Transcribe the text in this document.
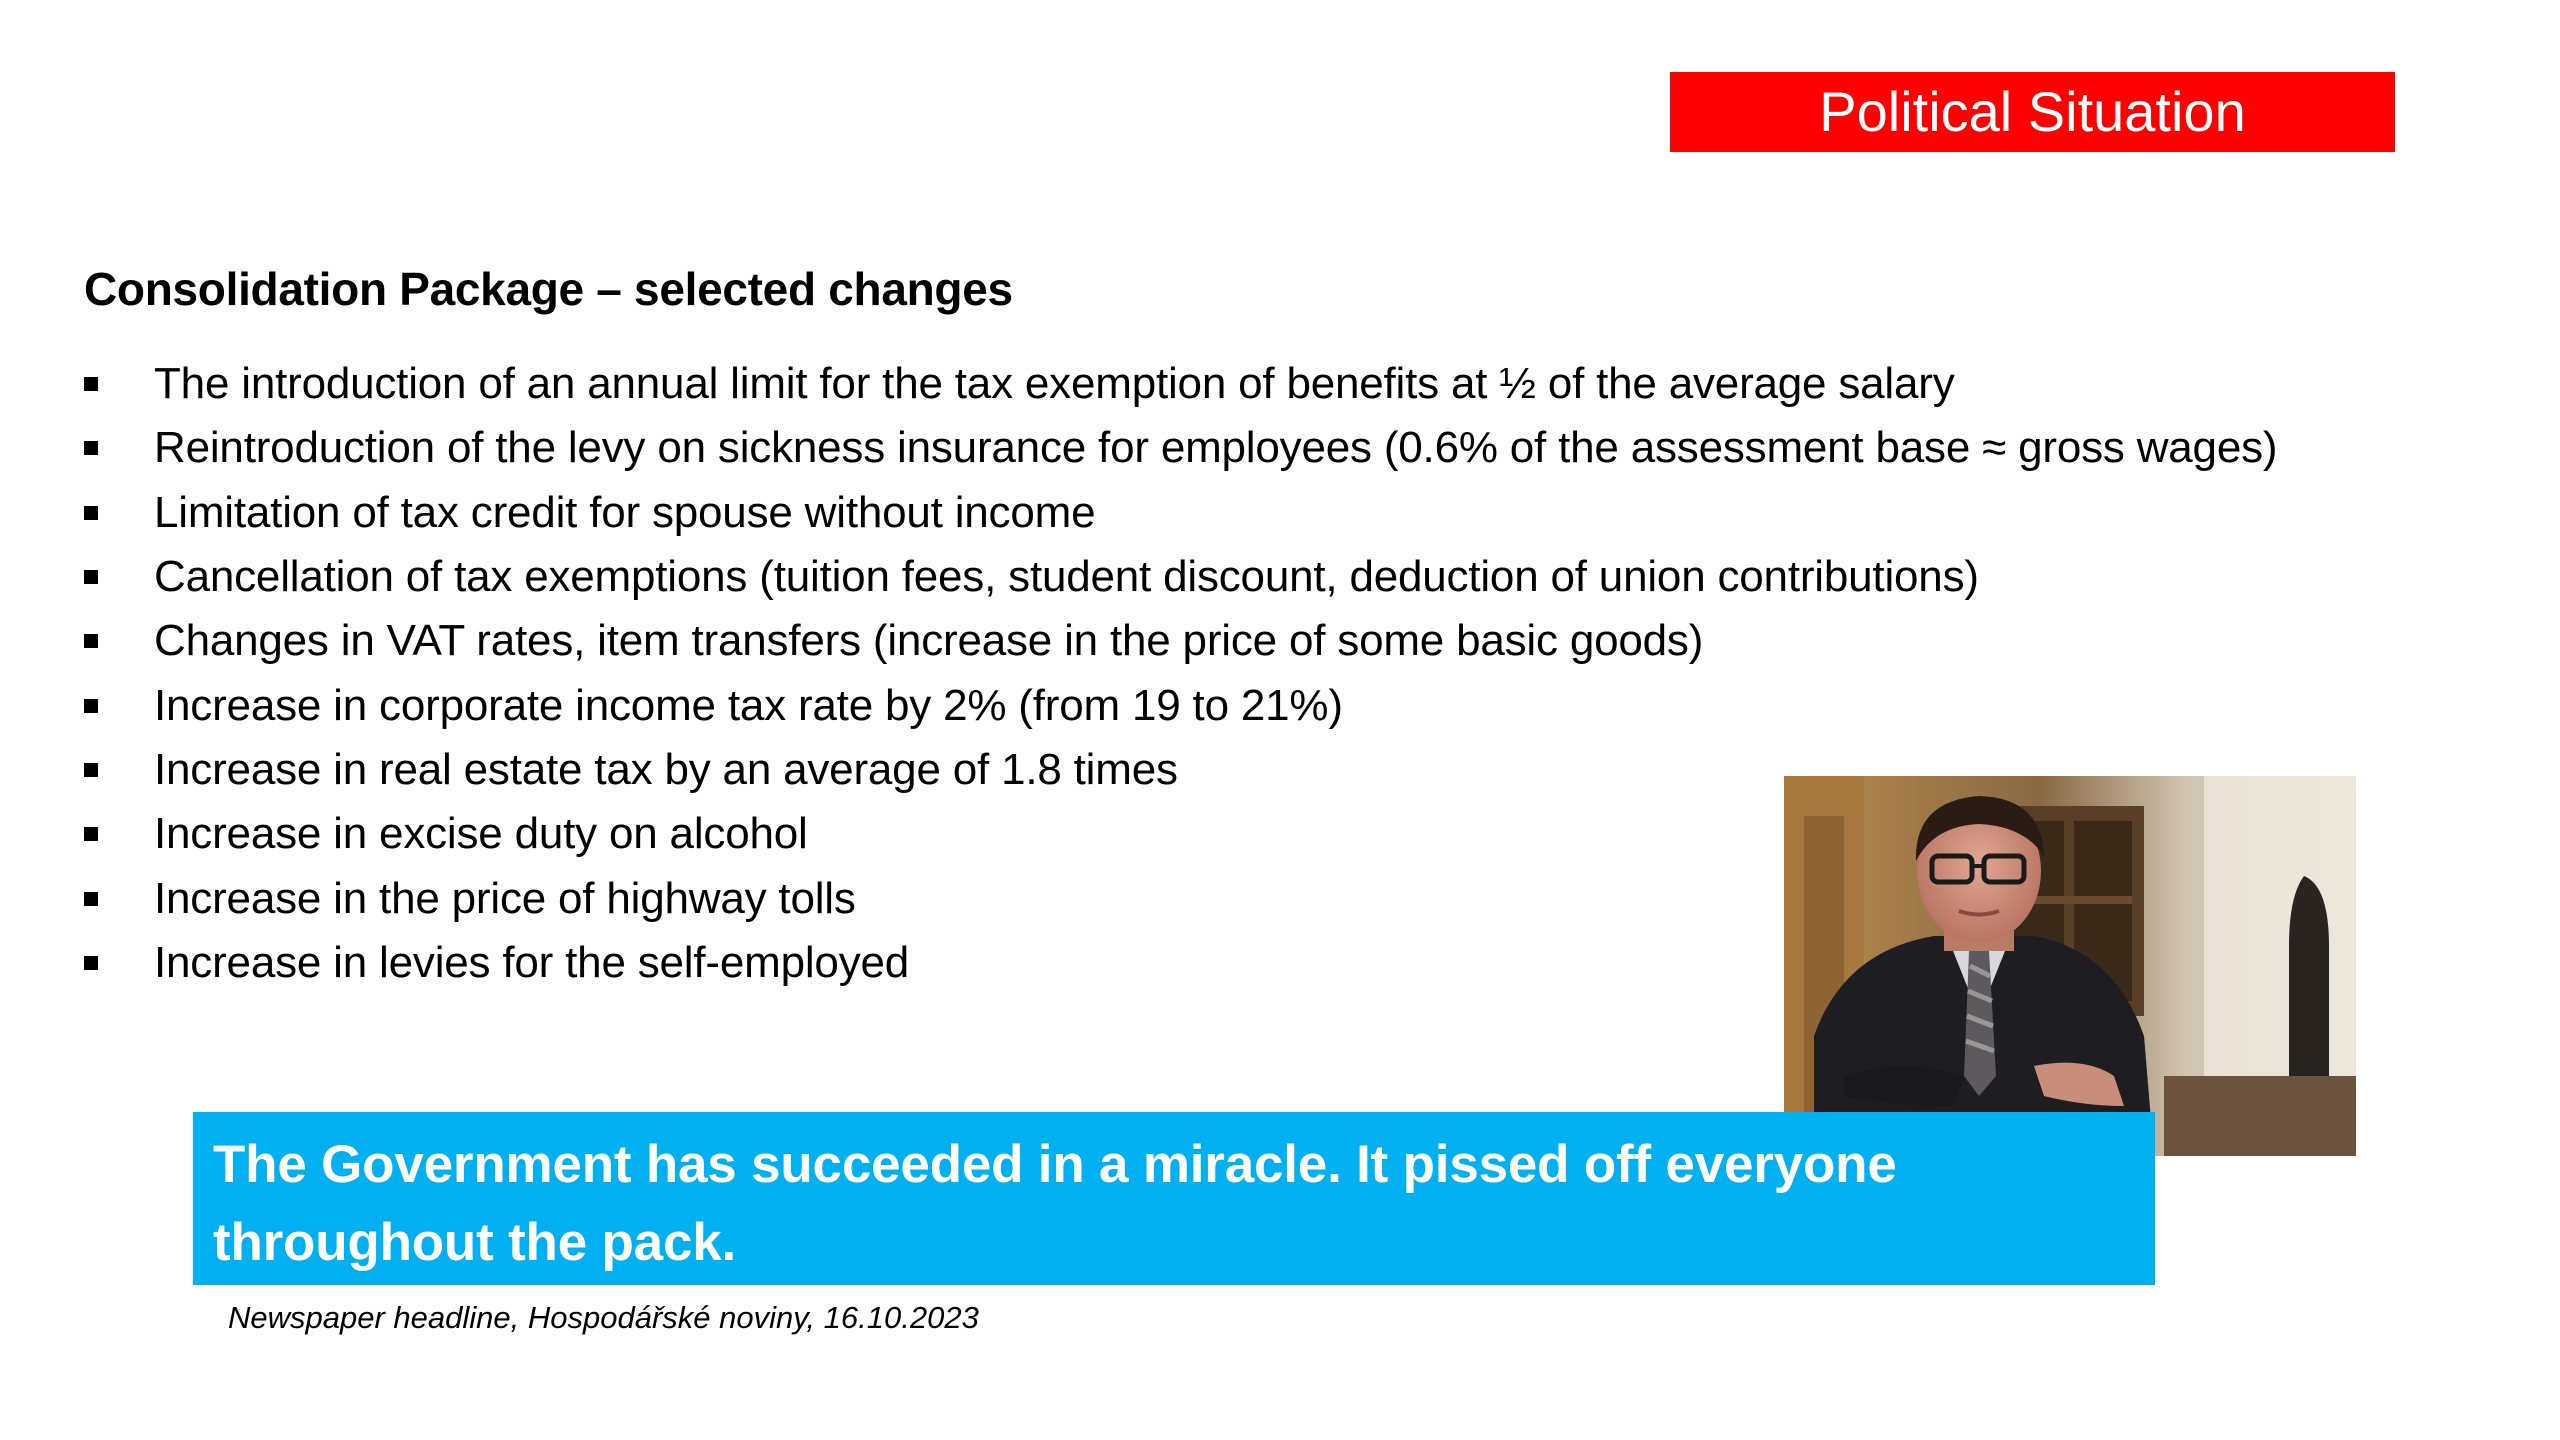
Political Situation
Consolidation Package – selected changes
The introduction of an annual limit for the tax exemption of benefits at ½ of the average salary
Reintroduction of the levy on sickness insurance for employees (0.6% of the assessment base ≈ gross wages)
Limitation of tax credit for spouse without income
Cancellation of tax exemptions (tuition fees, student discount, deduction of union contributions)
Changes in VAT rates, item transfers (increase in the price of some basic goods)
Increase in corporate income tax rate by 2% (from 19 to 21%)
Increase in real estate tax by an average of 1.8 times
Increase in excise duty on alcohol
Increase in the price of highway tolls
Increase in levies for the self-employed
The Government has succeeded in a miracle. It pissed off everyone throughout the pack.
Newspaper headline, Hospodářské noviny, 16.10.2023
